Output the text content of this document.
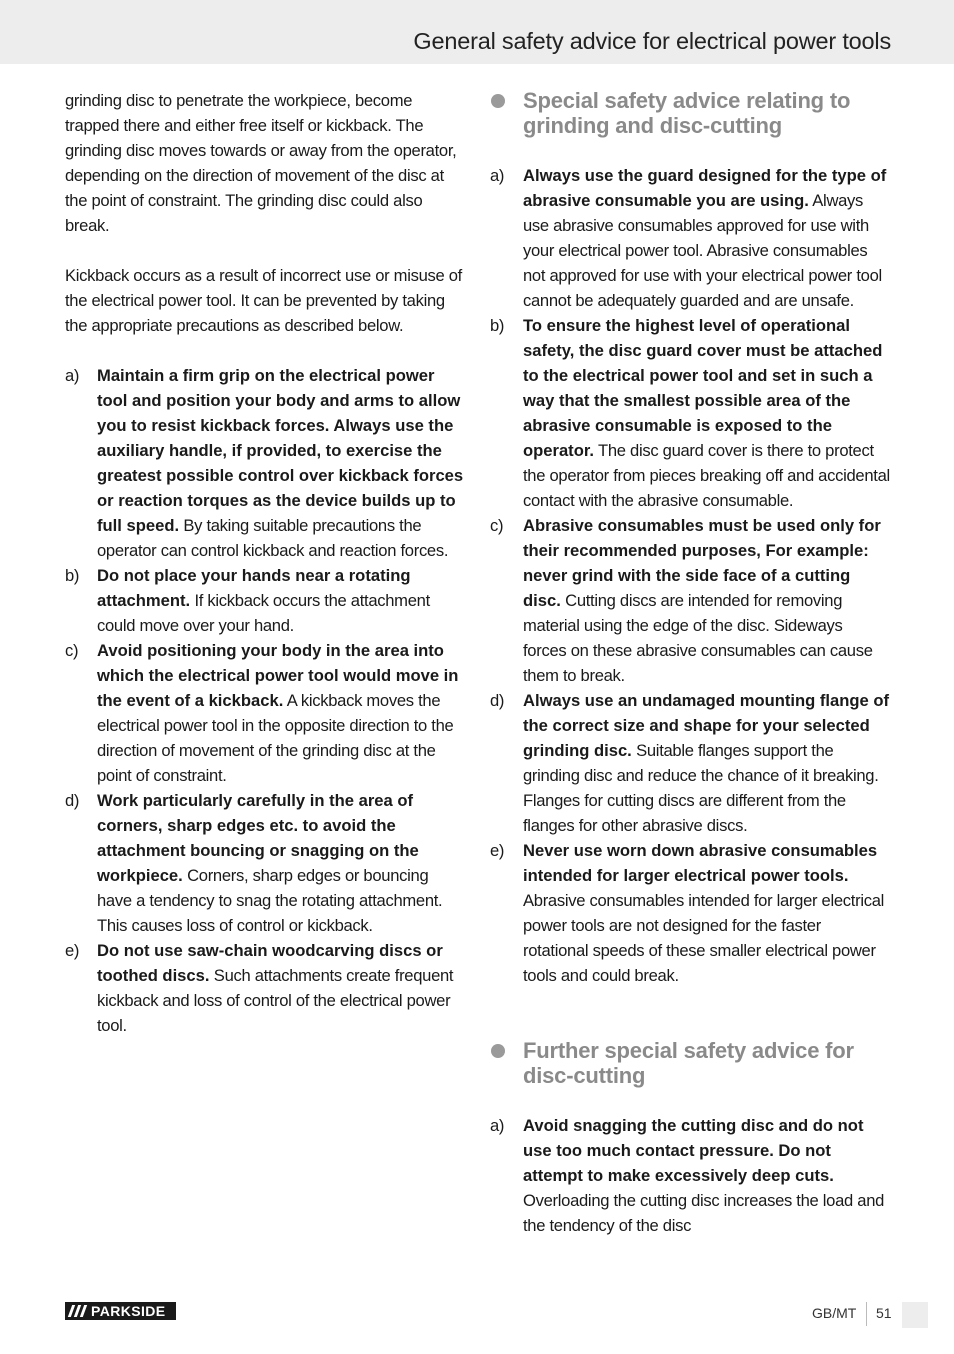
General safety advice for electrical power tools

grinding disc to penetrate the workpiece, become trapped there and either free itself or kickback. The grinding disc moves towards or away from the operator, depending on the direction of movement of the disc at the point of constraint. The grinding disc could also break.

Kickback occurs as a result of incorrect use or misuse of the electrical power tool. It can be prevented by taking the appropriate precautions as described below.

a) Maintain a firm grip on the electrical power tool and position your body and arms to allow you to resist kickback forces. Always use the auxiliary handle, if provided, to exercise the greatest possible control over kickback forces or reaction torques as the device builds up to full speed. By taking suitable precautions the operator can control kickback and reaction forces.
b) Do not place your hands near a rotating attachment. If kickback occurs the attachment could move over your hand.
c) Avoid positioning your body in the area into which the electrical power tool would move in the event of a kickback. A kickback moves the electrical power tool in the opposite direction to the direction of movement of the grinding disc at the point of constraint.
d) Work particularly carefully in the area of corners, sharp edges etc. to avoid the attachment bouncing or snagging on the workpiece. Corners, sharp edges or bouncing have a tendency to snag the rotating attachment. This causes loss of control or kickback.
e) Do not use saw-chain woodcarving discs or toothed discs. Such attachments create frequent kickback and loss of control of the electrical power tool.
Special safety advice relating to grinding and disc-cutting
a) Always use the guard designed for the type of abrasive consumable you are using. Always use abrasive consumables approved for use with your electrical power tool. Abrasive consumables not approved for use with your electrical power tool cannot be adequately guarded and are unsafe.
b) To ensure the highest level of operational safety, the disc guard cover must be attached to the electrical power tool and set in such a way that the smallest possible area of the abrasive consumable is exposed to the operator. The disc guard cover is there to protect the operator from pieces breaking off and accidental contact with the abrasive consumable.
c) Abrasive consumables must be used only for their recommended purposes, For example: never grind with the side face of a cutting disc. Cutting discs are intended for removing material using the edge of the disc. Sideways forces on these abrasive consumables can cause them to break.
d) Always use an undamaged mounting flange of the correct size and shape for your selected grinding disc. Suitable flanges support the grinding disc and reduce the chance of it breaking. Flanges for cutting discs are different from the flanges for other abrasive discs.
e) Never use worn down abrasive consumables intended for larger electrical power tools. Abrasive consumables intended for larger electrical power tools are not designed for the faster rotational speeds of these smaller electrical power tools and could break.
Further special safety advice for disc-cutting
a) Avoid snagging the cutting disc and do not use too much contact pressure. Do not attempt to make excessively deep cuts. Overloading the cutting disc increases the load and the tendency of the disc
PARKSIDE	GB/MT 51
